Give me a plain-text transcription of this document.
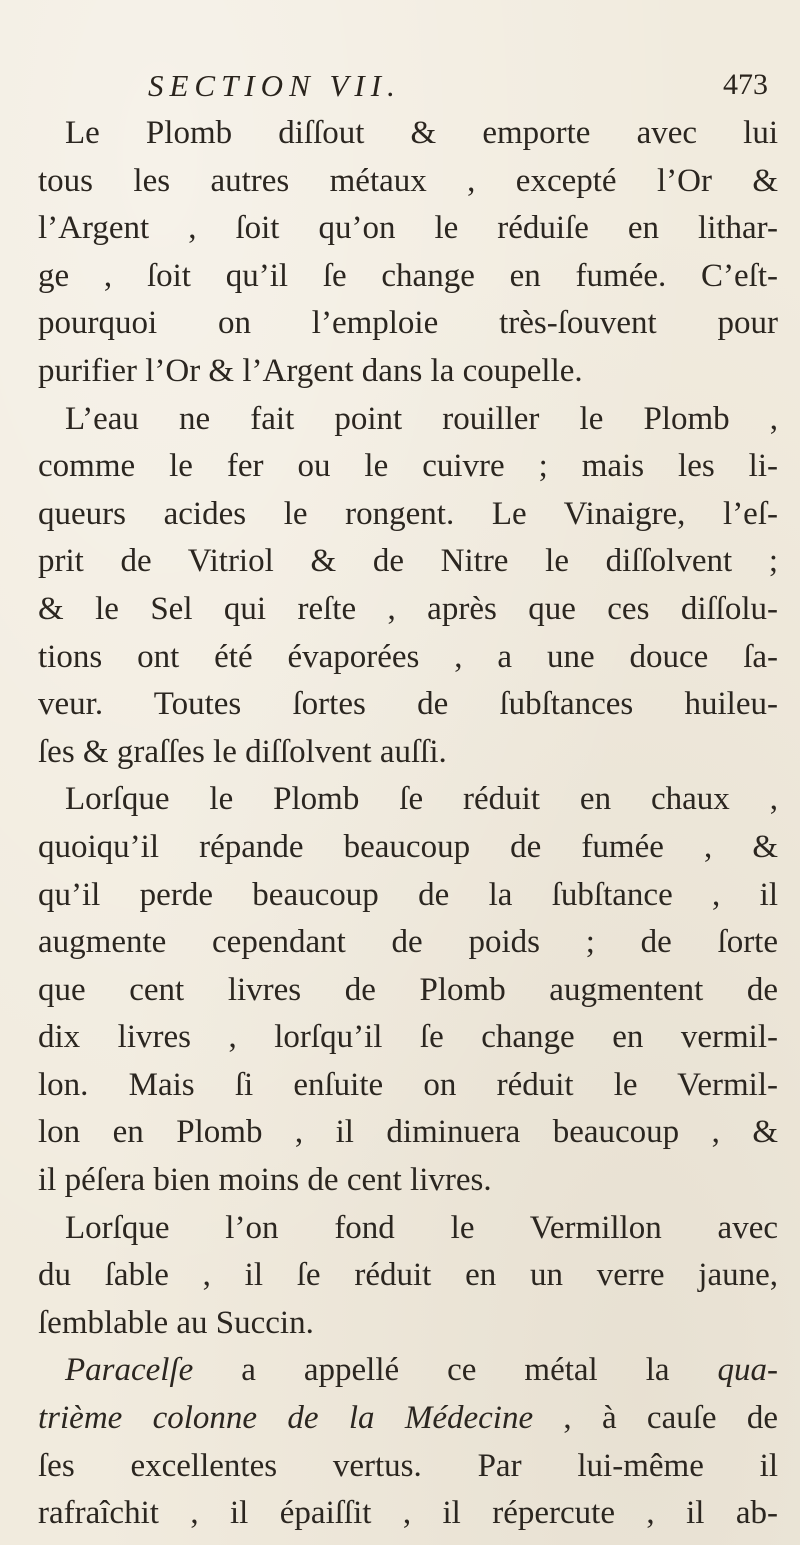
SECTION VII.	473
Le Plomb diſſout & emporte avec lui
tous les autres métaux , excepté l’Or &
l’Argent , ſoit qu’on le réduiſe en lithar-
ge , ſoit qu’il ſe change en fumée. C’eſt-
pourquoi on l’emploie très-ſouvent pour
purifier l’Or & l’Argent dans la coupelle.
L’eau ne fait point rouiller le Plomb ,
comme le fer ou le cuivre ; mais les li-
queurs acides le rongent. Le Vinaigre, l’eſ-
prit de Vitriol & de Nitre le diſſolvent ;
& le Sel qui reſte , après que ces diſſolu-
tions ont été évaporées , a une douce ſa-
veur. Toutes ſortes de ſubſtances huileu-
ſes & graſſes le diſſolvent auſſi.
Lorſque le Plomb ſe réduit en chaux ,
quoiqu’il répande beaucoup de fumée , &
qu’il perde beaucoup de la ſubſtance , il
augmente cependant de poids ; de ſorte
que cent livres de Plomb augmentent de
dix livres , lorſqu’il ſe change en vermil-
lon. Mais ſi enſuite on réduit le Vermil-
lon en Plomb , il diminuera beaucoup , &
il péſera bien moins de cent livres.
Lorſque l’on fond le Vermillon avec
du ſable , il ſe réduit en un verre jaune,
ſemblable au Succin.
Paracelſe a appellé ce métal la qua-
trième colonne de la Médecine , à cauſe de
ſes excellentes vertus. Par lui-même il
rafraîchit , il épaiſſit , il répercute , il ab-
